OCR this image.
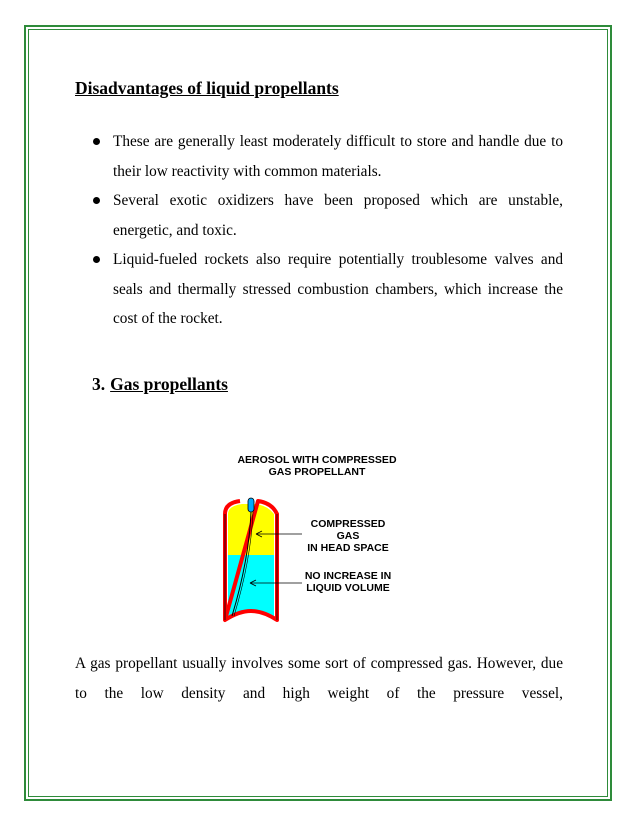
Disadvantages of liquid propellants
These are generally least moderately difficult to store and handle due to their low reactivity with common materials.
Several exotic oxidizers have been proposed which are unstable, energetic, and toxic.
Liquid-fueled rockets also require potentially troublesome valves and seals and thermally stressed combustion chambers, which increase the cost of the rocket.
3. Gas propellants
AEROSOL WITH COMPRESSED
GAS PROPELLANT
COMPRESSED GAS
IN HEAD SPACE
NO INCREASE IN
LIQUID VOLUME

A gas propellant usually involves some sort of compressed gas. However, due to the low density and high weight of the pressure vessel,
